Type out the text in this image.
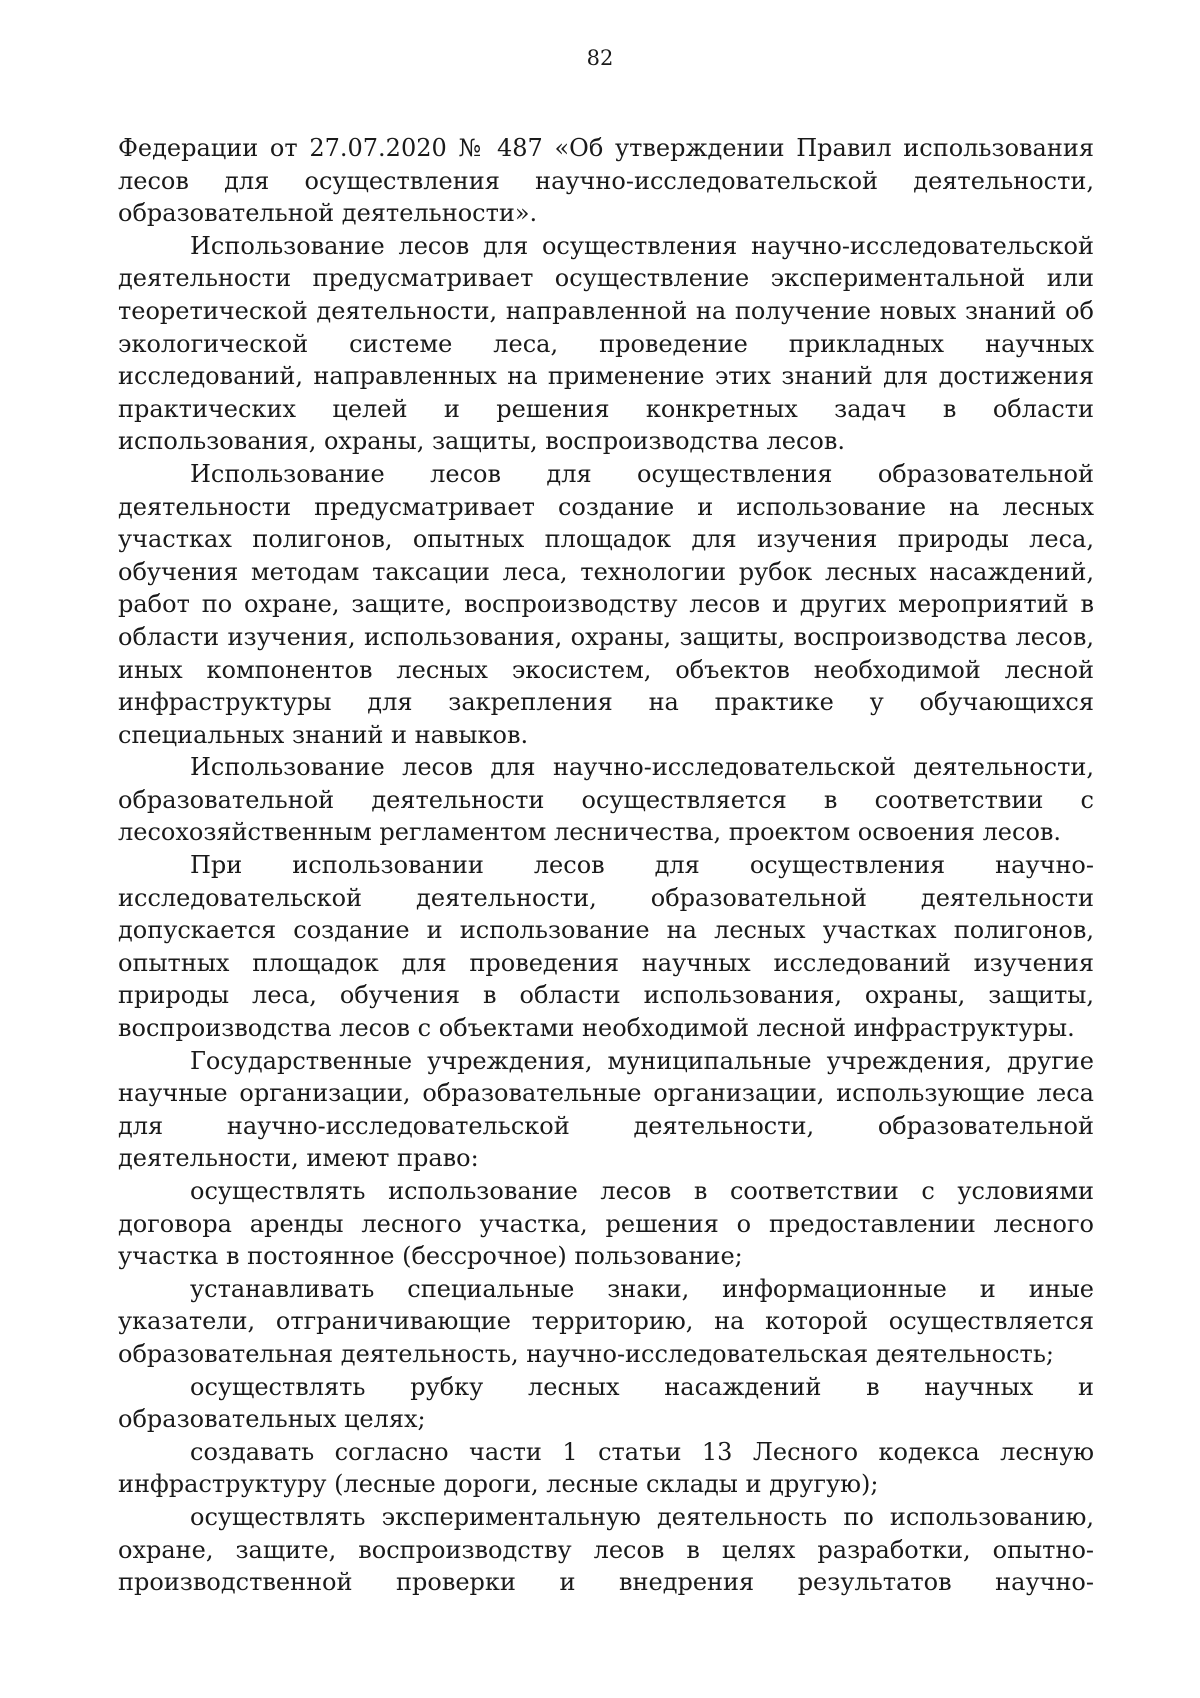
82

Федерации от 27.07.2020 № 487 «Об утверждении Правил использования лесов для осуществления научно-исследовательской деятельности, образовательной деятельности».

Использование лесов для осуществления научно-исследовательской деятельности предусматривает осуществление экспериментальной или теоретической деятельности, направленной на получение новых знаний об экологической системе леса, проведение прикладных научных исследований, направленных на применение этих знаний для достижения практических целей и решения конкретных задач в области использования, охраны, защиты, воспроизводства лесов.

Использование лесов для осуществления образовательной деятельности предусматривает создание и использование на лесных участках полигонов, опытных площадок для изучения природы леса, обучения методам таксации леса, технологии рубок лесных насаждений, работ по охране, защите, воспроизводству лесов и других мероприятий в области изучения, использования, охраны, защиты, воспроизводства лесов, иных компонентов лесных экосистем, объектов необходимой лесной инфраструктуры для закрепления на практике у обучающихся специальных знаний и навыков.

Использование лесов для научно-исследовательской деятельности, образовательной деятельности осуществляется в соответствии с лесохозяйственным регламентом лесничества, проектом освоения лесов.

При использовании лесов для осуществления научно-исследовательской деятельности, образовательной деятельности допускается создание и использование на лесных участках полигонов, опытных площадок для проведения научных исследований изучения природы леса, обучения в области использования, охраны, защиты, воспроизводства лесов с объектами необходимой лесной инфраструктуры.

Государственные учреждения, муниципальные учреждения, другие научные организации, образовательные организации, использующие леса для научно-исследовательской деятельности, образовательной деятельности, имеют право:

осуществлять использование лесов в соответствии с условиями договора аренды лесного участка, решения о предоставлении лесного участка в постоянное (бессрочное) пользование;

устанавливать специальные знаки, информационные и иные указатели, отграничивающие территорию, на которой осуществляется образовательная деятельность, научно-исследовательская деятельность;

осуществлять рубку лесных насаждений в научных и образовательных целях;

создавать согласно части 1 статьи 13 Лесного кодекса лесную инфраструктуру (лесные дороги, лесные склады и другую);

осуществлять экспериментальную деятельность по использованию, охране, защите, воспроизводству лесов в целях разработки, опытно-производственной проверки и внедрения результатов научно-
